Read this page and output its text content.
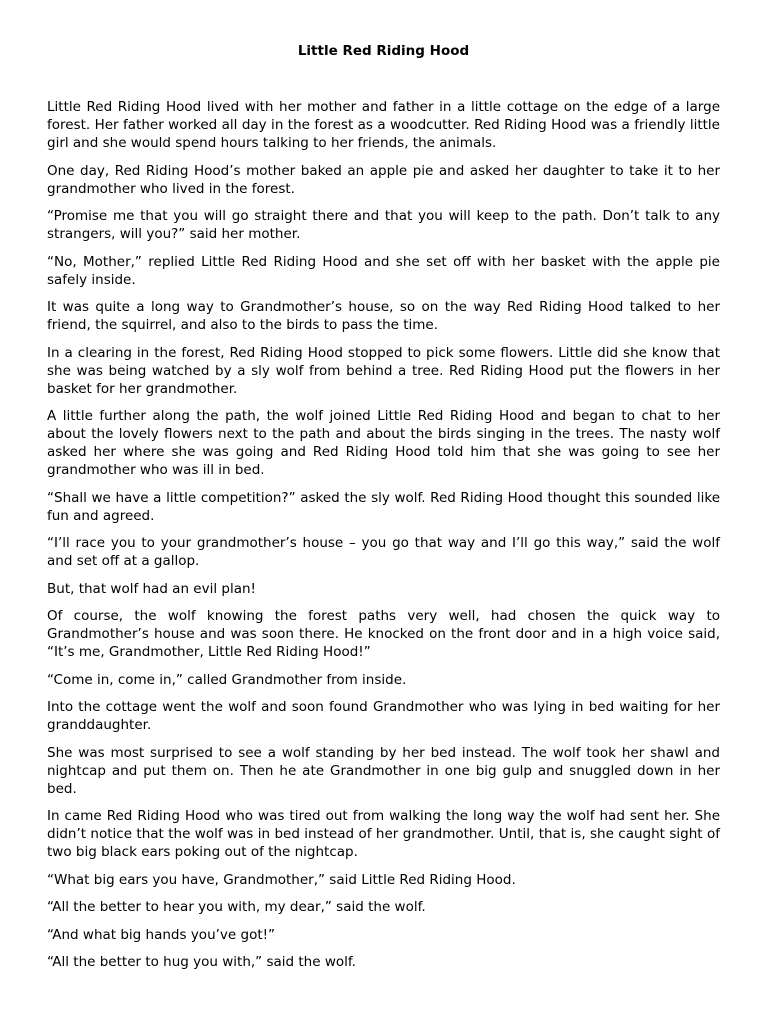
Little Red Riding Hood

Little Red Riding Hood lived with her mother and father in a little cottage on the edge of a large forest. Her father worked all day in the forest as a woodcutter. Red Riding Hood was a friendly little girl and she would spend hours talking to her friends, the animals.

One day, Red Riding Hood’s mother baked an apple pie and asked her daughter to take it to her grandmother who lived in the forest.

“Promise me that you will go straight there and that you will keep to the path. Don’t talk to any strangers, will you?” said her mother.

“No, Mother,” replied Little Red Riding Hood and she set off with her basket with the apple pie safely inside.

It was quite a long way to Grandmother’s house, so on the way Red Riding Hood talked to her friend, the squirrel, and also to the birds to pass the time.

In a clearing in the forest, Red Riding Hood stopped to pick some flowers. Little did she know that she was being watched by a sly wolf from behind a tree. Red Riding Hood put the flowers in her basket for her grandmother.

A little further along the path, the wolf joined Little Red Riding Hood and began to chat to her about the lovely flowers next to the path and about the birds singing in the trees. The nasty wolf asked her where she was going and Red Riding Hood told him that she was going to see her grandmother who was ill in bed.

“Shall we have a little competition?” asked the sly wolf. Red Riding Hood thought this sounded like fun and agreed.

“I’ll race you to your grandmother’s house – you go that way and I’ll go this way,” said the wolf and set off at a gallop.

But, that wolf had an evil plan!

Of course, the wolf knowing the forest paths very well, had chosen the quick way to Grandmother’s house and was soon there. He knocked on the front door and in a high voice said, “It’s me, Grandmother, Little Red Riding Hood!”

“Come in, come in,” called Grandmother from inside.

Into the cottage went the wolf and soon found Grandmother who was lying in bed waiting for her granddaughter.

She was most surprised to see a wolf standing by her bed instead. The wolf took her shawl and nightcap and put them on. Then he ate Grandmother in one big gulp and snuggled down in her bed.

In came Red Riding Hood who was tired out from walking the long way the wolf had sent her. She didn’t notice that the wolf was in bed instead of her grandmother. Until, that is, she caught sight of two big black ears poking out of the nightcap.

“What big ears you have, Grandmother,” said Little Red Riding Hood.

“All the better to hear you with, my dear,” said the wolf.

“And what big hands you’ve got!”

“All the better to hug you with,” said the wolf.
